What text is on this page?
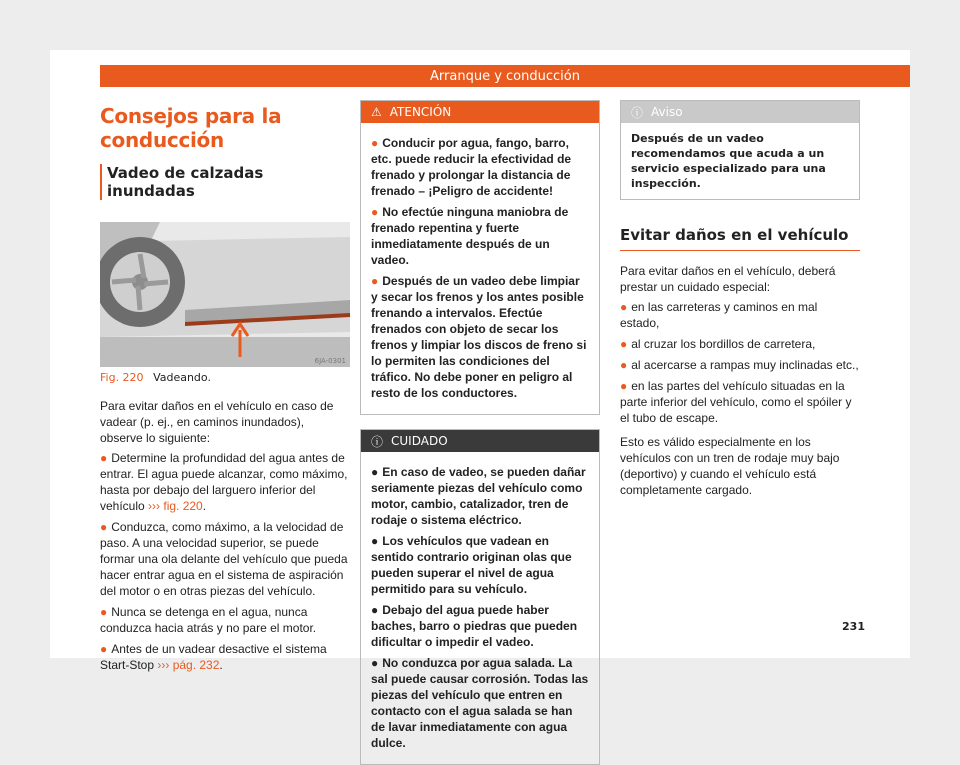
Arranque y conducción
Consejos para la conducción
Vadeo de calzadas inundadas
6JA-0301
Fig. 220 Vadeando.

Para evitar daños en el vehículo en caso de vadear (p. ej., en caminos inundados), observe lo siguiente:

● Determine la profundidad del agua antes de entrar. El agua puede alcanzar, como máximo, hasta por debajo del larguero inferior del vehículo ››› fig. 220.
● Conduzca, como máximo, a la velocidad de paso. A una velocidad superior, se puede formar una ola delante del vehículo que pueda hacer entrar agua en el sistema de aspiración del motor o en otras piezas del vehículo.
● Nunca se detenga en el agua, nunca conduzca hacia atrás y no pare el motor.
● Antes de un vadear desactive el sistema Start-Stop ››› pág. 232.
⚠ ATENCIÓN
● Conducir por agua, fango, barro, etc. puede reducir la efectividad de frenado y prolongar la distancia de frenado – ¡Peligro de accidente!
● No efectúe ninguna maniobra de frenado repentina y fuerte inmediatamente después de un vadeo.
● Después de un vadeo debe limpiar y secar los frenos y los antes posible frenando a intervalos. Efectúe frenados con objeto de secar los frenos y limpiar los discos de freno si lo permiten las condiciones del tráfico. No debe poner en peligro al resto de los conductores.
ⓘ CUIDADO
● En caso de vadeo, se pueden dañar seriamente piezas del vehículo como motor, cambio, catalizador, tren de rodaje o sistema eléctrico.
● Los vehículos que vadean en sentido contrario originan olas que pueden superar el nivel de agua permitido para su vehículo.
● Debajo del agua puede haber baches, barro o piedras que pueden dificultar o impedir el vadeo.
● No conduzca por agua salada. La sal puede causar corrosión. Todas las piezas del vehículo que entren en contacto con el agua salada se han de lavar inmediatamente con agua dulce.
ⓘ Aviso

Después de un vadeo recomendamos que acuda a un servicio especializado para una inspección.

Evitar daños en el vehículo

Para evitar daños en el vehículo, deberá prestar un cuidado especial:

● en las carreteras y caminos en mal estado,
● al cruzar los bordillos de carretera,
● al acercarse a rampas muy inclinadas etc.,
● en las partes del vehículo situadas en la parte inferior del vehículo, como el spóiler y el tubo de escape.

Esto es válido especialmente en los vehículos con un tren de rodaje muy bajo (deportivo) y cuando el vehículo está completamente cargado.

231
